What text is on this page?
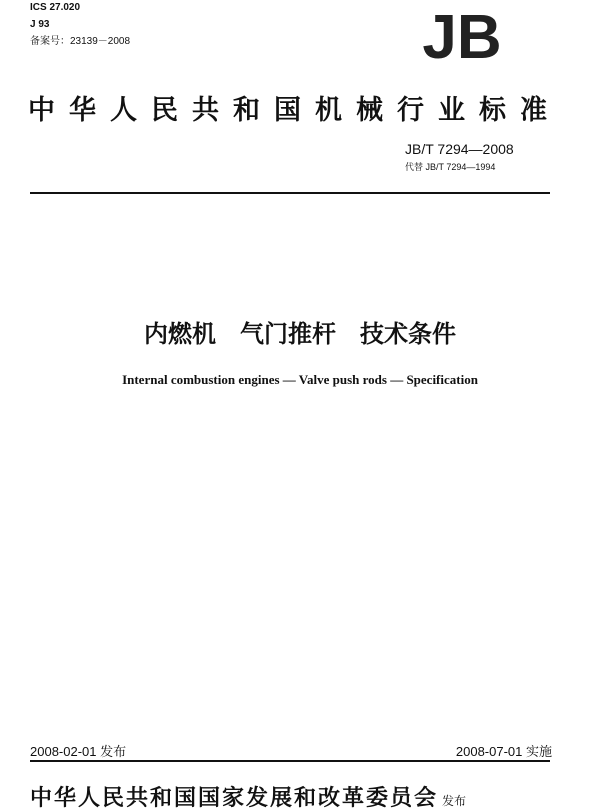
ICS 27.020
J 93
备案号：23139－2008	JB
中华人民共和国机械行业标准
JB/T 7294—2008
代替 JB/T 7294—1994
内燃机　气门推杆　技术条件
Internal combustion engines — Valve push rods — Specification
2008-02-01 发布	2008-07-01 实施
中华人民共和国国家发展和改革委员会 发布
